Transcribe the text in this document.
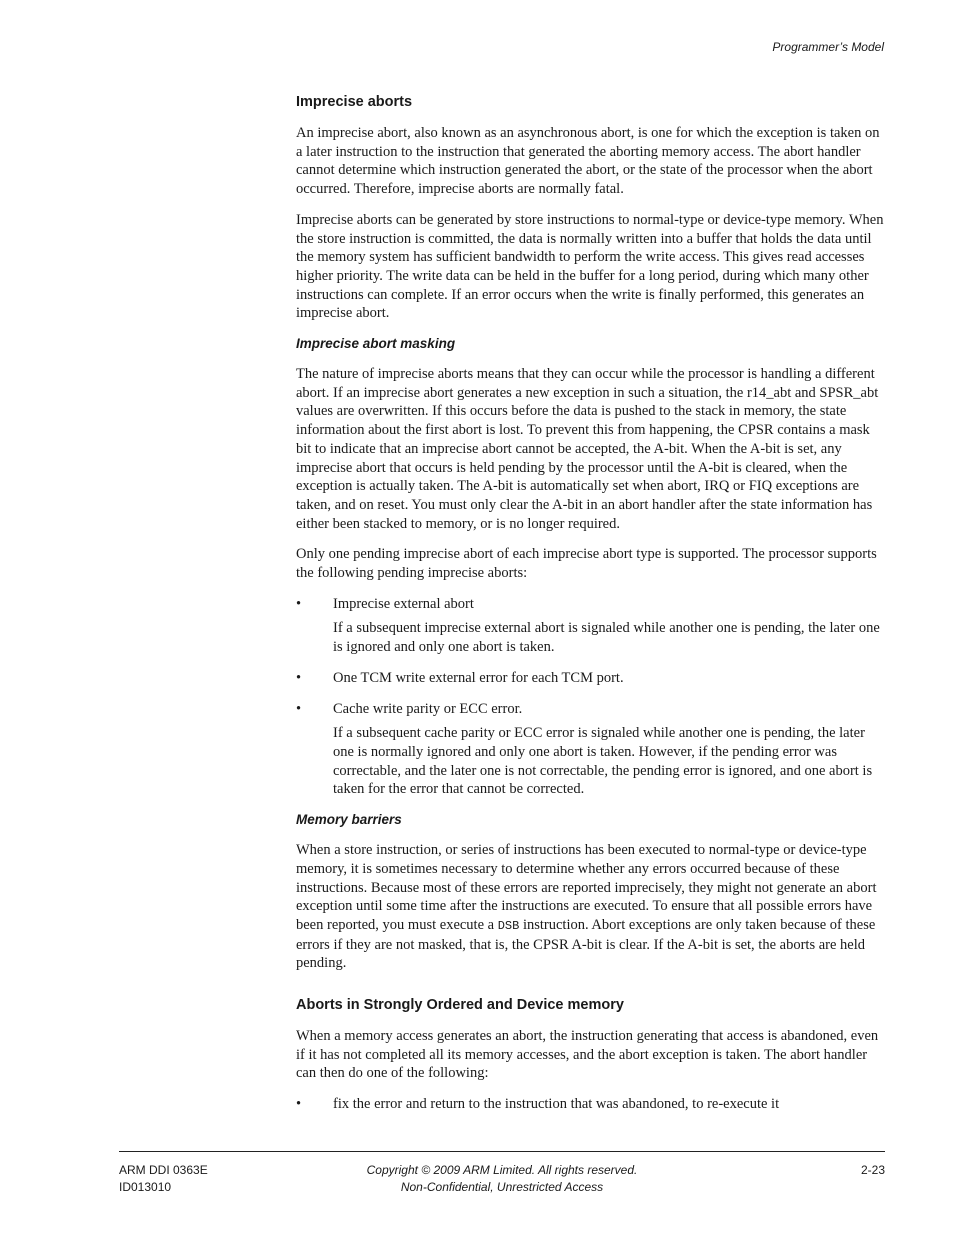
Programmer’s Model
Imprecise aborts

An imprecise abort, also known as an asynchronous abort, is one for which the exception is taken on a later instruction to the instruction that generated the aborting memory access. The abort handler cannot determine which instruction generated the abort, or the state of the processor when the abort occurred. Therefore, imprecise aborts are normally fatal.

Imprecise aborts can be generated by store instructions to normal-type or device-type memory. When the store instruction is committed, the data is normally written into a buffer that holds the data until the memory system has sufficient bandwidth to perform the write access. This gives read accesses higher priority. The write data can be held in the buffer for a long period, during which many other instructions can complete. If an error occurs when the write is finally performed, this generates an imprecise abort.

Imprecise abort masking

The nature of imprecise aborts means that they can occur while the processor is handling a different abort. If an imprecise abort generates a new exception in such a situation, the r14_abt and SPSR_abt values are overwritten. If this occurs before the data is pushed to the stack in memory, the state information about the first abort is lost. To prevent this from happening, the CPSR contains a mask bit to indicate that an imprecise abort cannot be accepted, the A-bit. When the A-bit is set, any imprecise abort that occurs is held pending by the processor until the A-bit is cleared, when the exception is actually taken. The A-bit is automatically set when abort, IRQ or FIQ exceptions are taken, and on reset. You must only clear the A-bit in an abort handler after the state information has either been stacked to memory, or is no longer required.

Only one pending imprecise abort of each imprecise abort type is supported. The processor supports the following pending imprecise aborts:

•	Imprecise external abort
If a subsequent imprecise external abort is signaled while another one is pending, the later one is ignored and only one abort is taken.
•	One TCM write external error for each TCM port.
•	Cache write parity or ECC error.
If a subsequent cache parity or ECC error is signaled while another one is pending, the later one is normally ignored and only one abort is taken. However, if the pending error was correctable, and the later one is not correctable, the pending error is ignored, and one abort is taken for the error that cannot be corrected.
Memory barriers

When a store instruction, or series of instructions has been executed to normal-type or device-type memory, it is sometimes necessary to determine whether any errors occurred because of these instructions. Because most of these errors are reported imprecisely, they might not generate an abort exception until some time after the instructions are executed. To ensure that all possible errors have been reported, you must execute a DSB instruction. Abort exceptions are only taken because of these errors if they are not masked, that is, the CPSR A-bit is clear. If the A-bit is set, the aborts are held pending.

Aborts in Strongly Ordered and Device memory

When a memory access generates an abort, the instruction generating that access is abandoned, even if it has not completed all its memory accesses, and the abort exception is taken. The abort handler can then do one of the following:

•	fix the error and return to the instruction that was abandoned, to re-execute it
ARM DDI 0363E
ID013010
Copyright © 2009 ARM Limited. All rights reserved.
Non-Confidential, Unrestricted Access
2-23
